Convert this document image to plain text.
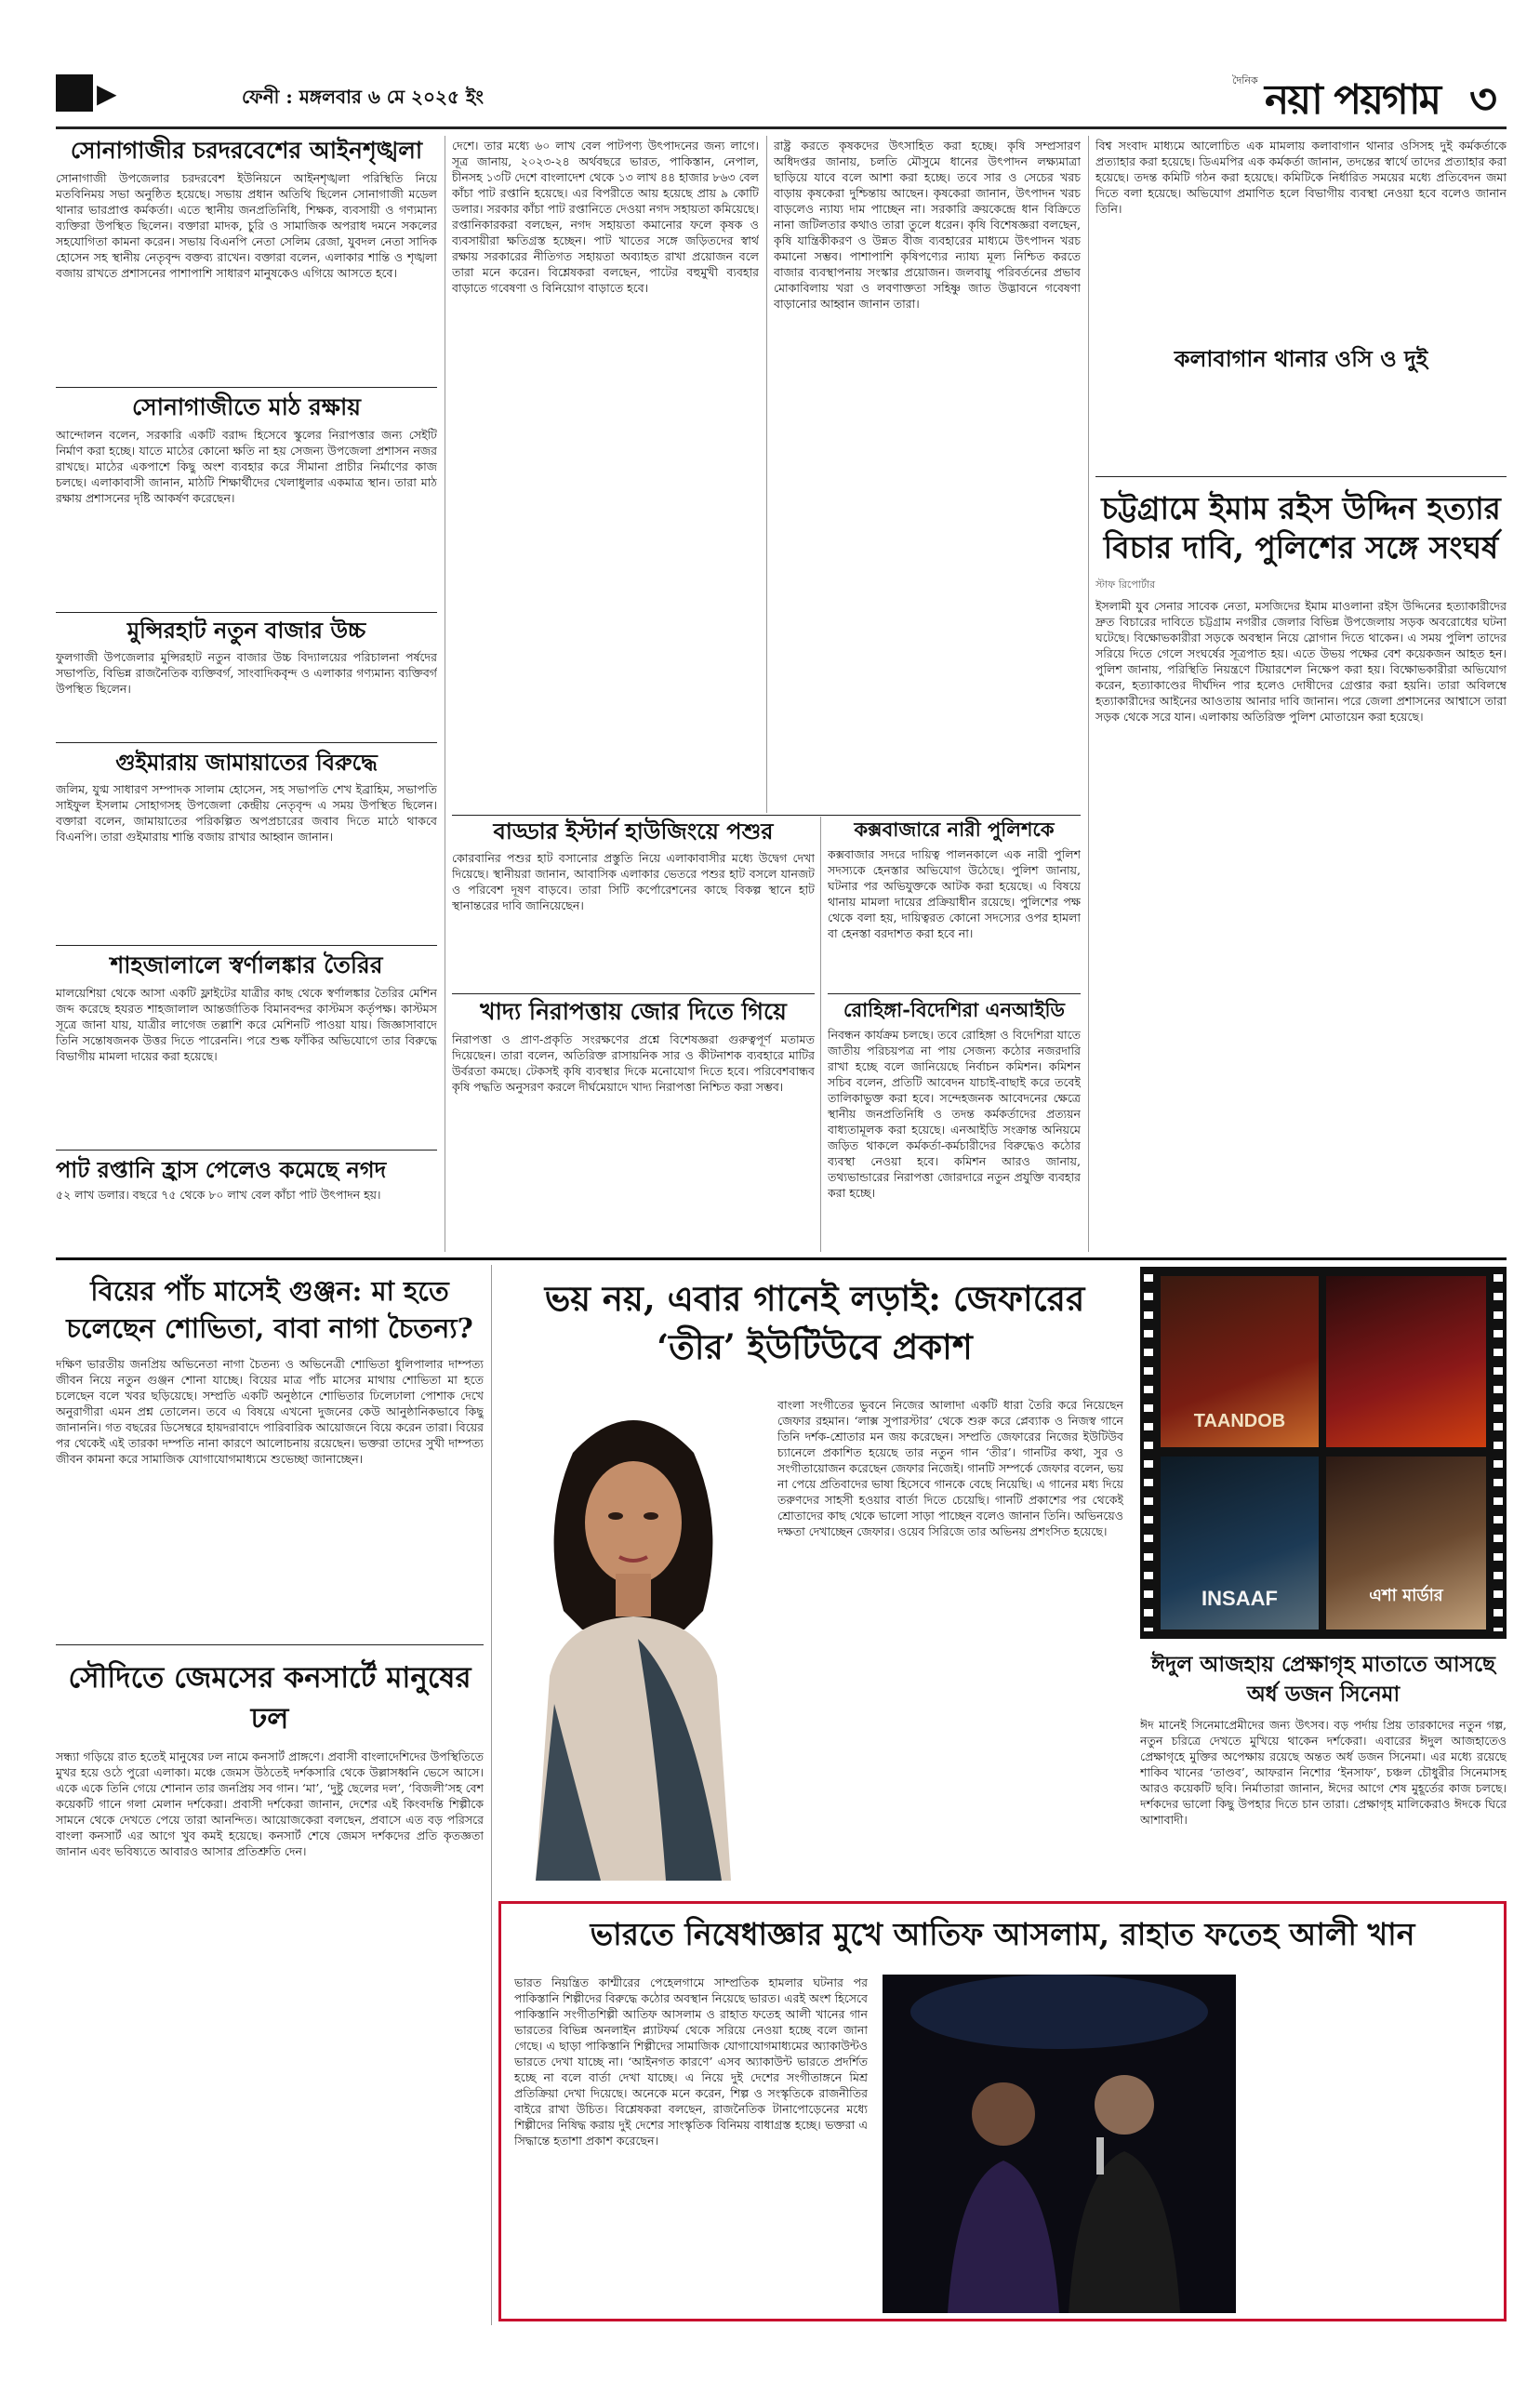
▶	ফেনী : মঙ্গলবার ৬ মে ২০২৫ ইং
দৈনিক নয়া পয়গাম ৩
সোনাগাজীর চরদরবেশের আইনশৃঙ্খলা
সোনাগাজী উপজেলার চরদরবেশ ইউনিয়নে আইনশৃঙ্খলা পরিস্থিতি নিয়ে মতবিনিময় সভা অনুষ্ঠিত হয়েছে। সভায় প্রধান অতিথি ছিলেন সোনাগাজী মডেল থানার ভারপ্রাপ্ত কর্মকর্তা। এতে স্থানীয় জনপ্রতিনিধি, শিক্ষক, ব্যবসায়ী ও গণ্যমান্য ব্যক্তিরা উপস্থিত ছিলেন। বক্তারা মাদক, চুরি ও সামাজিক অপরাধ দমনে সকলের সহযোগিতা কামনা করেন। সভায় বিএনপি নেতা সেলিম রেজা, যুবদল নেতা সাদিক হোসেন সহ স্থানীয় নেতৃবৃন্দ বক্তব্য রাখেন। বক্তারা বলেন, এলাকার শান্তি ও শৃঙ্খলা বজায় রাখতে প্রশাসনের পাশাপাশি সাধারণ মানুষকেও এগিয়ে আসতে হবে।
সোনাগাজীতে মাঠ রক্ষায়
আন্দোলন বলেন, সরকারি একটি বরাদ্দ হিসেবে স্কুলের নিরাপত্তার জন্য সেইটি নির্মাণ করা হচ্ছে। যাতে মাঠের কোনো ক্ষতি না হয় সেজন্য উপজেলা প্রশাসন নজর রাখছে। মাঠের একপাশে কিছু অংশ ব্যবহার করে সীমানা প্রাচীর নির্মাণের কাজ চলছে। এলাকাবাসী জানান, মাঠটি শিক্ষার্থীদের খেলাধুলার একমাত্র স্থান। তারা মাঠ রক্ষায় প্রশাসনের দৃষ্টি আকর্ষণ করেছেন।
মুন্সিরহাট নতুন বাজার উচ্চ
ফুলগাজী উপজেলার মুন্সিরহাট নতুন বাজার উচ্চ বিদ্যালয়ের পরিচালনা পর্ষদের সভাপতি, বিভিন্ন রাজনৈতিক ব্যক্তিবর্গ, সাংবাদিকবৃন্দ ও এলাকার গণ্যমান্য ব্যক্তিবর্গ উপস্থিত ছিলেন।
গুইমারায় জামায়াতের বিরুদ্ধে
জলিম, যুগ্ম সাধারণ সম্পাদক সালাম হোসেন, সহ সভাপতি শেখ ইব্রাহিম, সভাপতি সাইফুল ইসলাম সোহাগসহ উপজেলা কেন্দ্রীয় নেতৃবৃন্দ এ সময় উপস্থিত ছিলেন। বক্তারা বলেন, জামায়াতের পরিকল্পিত অপপ্রচারের জবাব দিতে মাঠে থাকবে বিএনপি। তারা গুইমারায় শান্তি বজায় রাখার আহ্বান জানান।
শাহজালালে স্বর্ণালঙ্কার তৈরির
মালয়েশিয়া থেকে আসা একটি ফ্লাইটের যাত্রীর কাছ থেকে স্বর্ণালঙ্কার তৈরির মেশিন জব্দ করেছে হযরত শাহজালাল আন্তর্জাতিক বিমানবন্দর কাস্টমস কর্তৃপক্ষ। কাস্টমস সূত্রে জানা যায়, যাত্রীর লাগেজ তল্লাশি করে মেশিনটি পাওয়া যায়। জিজ্ঞাসাবাদে তিনি সন্তোষজনক উত্তর দিতে পারেননি। পরে শুল্ক ফাঁকির অভিযোগে তার বিরুদ্ধে বিভাগীয় মামলা দায়ের করা হয়েছে।
পাট রপ্তানি হ্রাস পেলেও কমেছে নগদ
৫২ লাখ ডলার। বছরে ৭৫ থেকে ৮০ লাখ বেল কাঁচা পাট উৎপাদন হয়।
দেশে। তার মধ্যে ৬০ লাখ বেল পাটপণ্য উৎপাদনের জন্য লাগে। সূত্র জানায়, ২০২৩-২৪ অর্থবছরে ভারত, পাকিস্তান, নেপাল, চীনসহ ১৩টি দেশে বাংলাদেশ থেকে ১৩ লাখ ৪৪ হাজার ৮৬৩ বেল কাঁচা পাট রপ্তানি হয়েছে। এর বিপরীতে আয় হয়েছে প্রায় ৯ কোটি ডলার। সরকার কাঁচা পাট রপ্তানিতে দেওয়া নগদ সহায়তা কমিয়েছে। রপ্তানিকারকরা বলছেন, নগদ সহায়তা কমানোর ফলে কৃষক ও ব্যবসায়ীরা ক্ষতিগ্রস্ত হচ্ছেন। পাট খাতের সঙ্গে জড়িতদের স্বার্থ রক্ষায় সরকারের নীতিগত সহায়তা অব্যাহত রাখা প্রয়োজন বলে তারা মনে করেন। বিশ্লেষকরা বলছেন, পাটের বহুমুখী ব্যবহার বাড়াতে গবেষণা ও বিনিয়োগ বাড়াতে হবে।
রাষ্ট্র করতে কৃষকদের উৎসাহিত করা হচ্ছে। কৃষি সম্প্রসারণ অধিদপ্তর জানায়, চলতি মৌসুমে ধানের উৎপাদন লক্ষ্যমাত্রা ছাড়িয়ে যাবে বলে আশা করা হচ্ছে। তবে সার ও সেচের খরচ বাড়ায় কৃষকেরা দুশ্চিন্তায় আছেন। কৃষকেরা জানান, উৎপাদন খরচ বাড়লেও ন্যায্য দাম পাচ্ছেন না। সরকারি ক্রয়কেন্দ্রে ধান বিক্রিতে নানা জটিলতার কথাও তারা তুলে ধরেন। কৃষি বিশেষজ্ঞরা বলছেন, কৃষি যান্ত্রিকীকরণ ও উন্নত বীজ ব্যবহারের মাধ্যমে উৎপাদন খরচ কমানো সম্ভব। পাশাপাশি কৃষিপণ্যের ন্যায্য মূল্য নিশ্চিত করতে বাজার ব্যবস্থাপনায় সংস্কার প্রয়োজন। জলবায়ু পরিবর্তনের প্রভাব মোকাবিলায় খরা ও লবণাক্ততা সহিষ্ণু জাত উদ্ভাবনে গবেষণা বাড়ানোর আহ্বান জানান তারা।
বাড্ডার ইস্টার্ন হাউজিংয়ে পশুর
কোরবানির পশুর হাট বসানোর প্রস্তুতি নিয়ে এলাকাবাসীর মধ্যে উদ্বেগ দেখা দিয়েছে। স্থানীয়রা জানান, আবাসিক এলাকার ভেতরে পশুর হাট বসলে যানজট ও পরিবেশ দূষণ বাড়বে। তারা সিটি কর্পোরেশনের কাছে বিকল্প স্থানে হাট স্থানান্তরের দাবি জানিয়েছেন।
খাদ্য নিরাপত্তায় জোর দিতে গিয়ে
নিরাপত্তা ও প্রাণ-প্রকৃতি সংরক্ষণের প্রশ্নে বিশেষজ্ঞরা গুরুত্বপূর্ণ মতামত দিয়েছেন। তারা বলেন, অতিরিক্ত রাসায়নিক সার ও কীটনাশক ব্যবহারে মাটির উর্বরতা কমছে। টেকসই কৃষি ব্যবস্থার দিকে মনোযোগ দিতে হবে। পরিবেশবান্ধব কৃষি পদ্ধতি অনুসরণ করলে দীর্ঘমেয়াদে খাদ্য নিরাপত্তা নিশ্চিত করা সম্ভব।
কক্সবাজারে নারী পুলিশকে
কক্সবাজার সদরে দায়িত্ব পালনকালে এক নারী পুলিশ সদস্যকে হেনস্তার অভিযোগ উঠেছে। পুলিশ জানায়, ঘটনার পর অভিযুক্তকে আটক করা হয়েছে। এ বিষয়ে থানায় মামলা দায়ের প্রক্রিয়াধীন রয়েছে। পুলিশের পক্ষ থেকে বলা হয়, দায়িত্বরত কোনো সদস্যের ওপর হামলা বা হেনস্তা বরদাশত করা হবে না।
রোহিঙ্গা-বিদেশিরা এনআইডি
নিবন্ধন কার্যক্রম চলছে। তবে রোহিঙ্গা ও বিদেশিরা যাতে জাতীয় পরিচয়পত্র না পায় সেজন্য কঠোর নজরদারি রাখা হচ্ছে বলে জানিয়েছে নির্বাচন কমিশন। কমিশন সচিব বলেন, প্রতিটি আবেদন যাচাই-বাছাই করে তবেই তালিকাভুক্ত করা হবে। সন্দেহজনক আবেদনের ক্ষেত্রে স্থানীয় জনপ্রতিনিধি ও তদন্ত কর্মকর্তাদের প্রত্যয়ন বাধ্যতামূলক করা হয়েছে। এনআইডি সংক্রান্ত অনিয়মে জড়িত থাকলে কর্মকর্তা-কর্মচারীদের বিরুদ্ধেও কঠোর ব্যবস্থা নেওয়া হবে। কমিশন আরও জানায়, তথ্যভান্ডারের নিরাপত্তা জোরদারে নতুন প্রযুক্তি ব্যবহার করা হচ্ছে।
বিশ্ব সংবাদ মাধ্যমে আলোচিত এক মামলায় কলাবাগান থানার ওসিসহ দুই কর্মকর্তাকে প্রত্যাহার করা হয়েছে। ডিএমপির এক কর্মকর্তা জানান, তদন্তের স্বার্থে তাদের প্রত্যাহার করা হয়েছে। তদন্ত কমিটি গঠন করা হয়েছে। কমিটিকে নির্ধারিত সময়ের মধ্যে প্রতিবেদন জমা দিতে বলা হয়েছে। অভিযোগ প্রমাণিত হলে বিভাগীয় ব্যবস্থা নেওয়া হবে বলেও জানান তিনি।
কলাবাগান থানার ওসি ও দুই
চট্টগ্রামে ইমাম রইস উদ্দিন হত্যার বিচার দাবি, পুলিশের সঙ্গে সংঘর্ষ
স্টাফ রিপোর্টার
ইসলামী যুব সেনার সাবেক নেতা, মসজিদের ইমাম মাওলানা রইস উদ্দিনের হত্যাকারীদের দ্রুত বিচারের দাবিতে চট্টগ্রাম নগরীর জেলার বিভিন্ন উপজেলায় সড়ক অবরোধের ঘটনা ঘটেছে। বিক্ষোভকারীরা সড়কে অবস্থান নিয়ে স্লোগান দিতে থাকেন। এ সময় পুলিশ তাদের সরিয়ে দিতে গেলে সংঘর্ষের সূত্রপাত হয়। এতে উভয় পক্ষের বেশ কয়েকজন আহত হন। পুলিশ জানায়, পরিস্থিতি নিয়ন্ত্রণে টিয়ারশেল নিক্ষেপ করা হয়। বিক্ষোভকারীরা অভিযোগ করেন, হত্যাকাণ্ডের দীর্ঘদিন পার হলেও দোষীদের গ্রেপ্তার করা হয়নি। তারা অবিলম্বে হত্যাকারীদের আইনের আওতায় আনার দাবি জানান। পরে জেলা প্রশাসনের আশ্বাসে তারা সড়ক থেকে সরে যান। এলাকায় অতিরিক্ত পুলিশ মোতায়েন করা হয়েছে।
বিয়ের পাঁচ মাসেই গুঞ্জন: মা হতে চলেছেন শোভিতা, বাবা নাগা চৈতন্য?
দক্ষিণ ভারতীয় জনপ্রিয় অভিনেতা নাগা চৈতন্য ও অভিনেত্রী শোভিতা ধুলিপালার দাম্পত্য জীবন নিয়ে নতুন গুঞ্জন শোনা যাচ্ছে। বিয়ের মাত্র পাঁচ মাসের মাথায় শোভিতা মা হতে চলেছেন বলে খবর ছড়িয়েছে। সম্প্রতি একটি অনুষ্ঠানে শোভিতার ঢিলেঢালা পোশাক দেখে অনুরাগীরা এমন প্রশ্ন তোলেন। তবে এ বিষয়ে এখনো দুজনের কেউ আনুষ্ঠানিকভাবে কিছু জানাননি। গত বছরের ডিসেম্বরে হায়দরাবাদে পারিবারিক আয়োজনে বিয়ে করেন তারা। বিয়ের পর থেকেই এই তারকা দম্পতি নানা কারণে আলোচনায় রয়েছেন। ভক্তরা তাদের সুখী দাম্পত্য জীবন কামনা করে সামাজিক যোগাযোগমাধ্যমে শুভেচ্ছা জানাচ্ছেন।
সৌদিতে জেমসের কনসার্টে মানুষের ঢল
সন্ধ্যা গড়িয়ে রাত হতেই মানুষের ঢল নামে কনসার্ট প্রাঙ্গণে। প্রবাসী বাংলাদেশিদের উপস্থিতিতে মুখর হয়ে ওঠে পুরো এলাকা। মঞ্চে জেমস উঠতেই দর্শকসারি থেকে উল্লাসধ্বনি ভেসে আসে। একে একে তিনি গেয়ে শোনান তার জনপ্রিয় সব গান। ‘মা’, ‘দুষ্টু ছেলের দল’, ‘বিজলী’সহ বেশ কয়েকটি গানে গলা মেলান দর্শকেরা। প্রবাসী দর্শকেরা জানান, দেশের এই কিংবদন্তি শিল্পীকে সামনে থেকে দেখতে পেয়ে তারা আনন্দিত। আয়োজকেরা বলছেন, প্রবাসে এত বড় পরিসরে বাংলা কনসার্ট এর আগে খুব কমই হয়েছে। কনসার্ট শেষে জেমস দর্শকদের প্রতি কৃতজ্ঞতা জানান এবং ভবিষ্যতে আবারও আসার প্রতিশ্রুতি দেন।
ভয় নয়, এবার গানেই লড়াই: জেফারের ‘তীর’ ইউটিউবে প্রকাশ
বাংলা সংগীতের ভুবনে নিজের আলাদা একটি ধারা তৈরি করে নিয়েছেন জেফার রহমান। ‘লাক্স সুপারস্টার’ থেকে শুরু করে প্লেব্যাক ও নিজস্ব গানে তিনি দর্শক-শ্রোতার মন জয় করেছেন। সম্প্রতি জেফারের নিজের ইউটিউব চ্যানেলে প্রকাশিত হয়েছে তার নতুন গান ‘তীর’। গানটির কথা, সুর ও সংগীতায়োজন করেছেন জেফার নিজেই। গানটি সম্পর্কে জেফার বলেন, ভয় না পেয়ে প্রতিবাদের ভাষা হিসেবে গানকে বেছে নিয়েছি। এ গানের মধ্য দিয়ে তরুণদের সাহসী হওয়ার বার্তা দিতে চেয়েছি। গানটি প্রকাশের পর থেকেই শ্রোতাদের কাছ থেকে ভালো সাড়া পাচ্ছেন বলেও জানান তিনি। অভিনয়েও দক্ষতা দেখাচ্ছেন জেফার। ওয়েব সিরিজে তার অভিনয় প্রশংসিত হয়েছে।
TAANDOB
INSAAF	এশা মার্ডার
ঈদুল আজহায় প্রেক্ষাগৃহ মাতাতে আসছে অর্ধ ডজন সিনেমা
ঈদ মানেই সিনেমাপ্রেমীদের জন্য উৎসব। বড় পর্দায় প্রিয় তারকাদের নতুন গল্প, নতুন চরিত্রে দেখতে মুখিয়ে থাকেন দর্শকেরা। এবারের ঈদুল আজহাতেও প্রেক্ষাগৃহে মুক্তির অপেক্ষায় রয়েছে অন্তত অর্ধ ডজন সিনেমা। এর মধ্যে রয়েছে শাকিব খানের ‘তাণ্ডব’, আফরান নিশোর ‘ইনসাফ’, চঞ্চল চৌধুরীর সিনেমাসহ আরও কয়েকটি ছবি। নির্মাতারা জানান, ঈদের আগে শেষ মুহূর্তের কাজ চলছে। দর্শকদের ভালো কিছু উপহার দিতে চান তারা। প্রেক্ষাগৃহ মালিকেরাও ঈদকে ঘিরে আশাবাদী।
ভারতে নিষেধাজ্ঞার মুখে আতিফ আসলাম, রাহাত ফতেহ আলী খান
ভারত নিয়ন্ত্রিত কাশ্মীরের পেহেলগামে সাম্প্রতিক হামলার ঘটনার পর পাকিস্তানি শিল্পীদের বিরুদ্ধে কঠোর অবস্থান নিয়েছে ভারত। এরই অংশ হিসেবে পাকিস্তানি সংগীতশিল্পী আতিফ আসলাম ও রাহাত ফতেহ আলী খানের গান ভারতের বিভিন্ন অনলাইন প্ল্যাটফর্ম থেকে সরিয়ে নেওয়া হচ্ছে বলে জানা গেছে। এ ছাড়া পাকিস্তানি শিল্পীদের সামাজিক যোগাযোগমাধ্যমের অ্যাকাউন্টও ভারতে দেখা যাচ্ছে না। ‘আইনগত কারণে’ এসব অ্যাকাউন্ট ভারতে প্রদর্শিত হচ্ছে না বলে বার্তা দেখা যাচ্ছে। এ নিয়ে দুই দেশের সংগীতাঙ্গনে মিশ্র প্রতিক্রিয়া দেখা দিয়েছে। অনেকে মনে করেন, শিল্প ও সংস্কৃতিকে রাজনীতির বাইরে রাখা উচিত। বিশ্লেষকরা বলছেন, রাজনৈতিক টানাপোড়েনের মধ্যে শিল্পীদের নিষিদ্ধ করায় দুই দেশের সাংস্কৃতিক বিনিময় বাধাগ্রস্ত হচ্ছে। ভক্তরা এ সিদ্ধান্তে হতাশা প্রকাশ করেছেন।
